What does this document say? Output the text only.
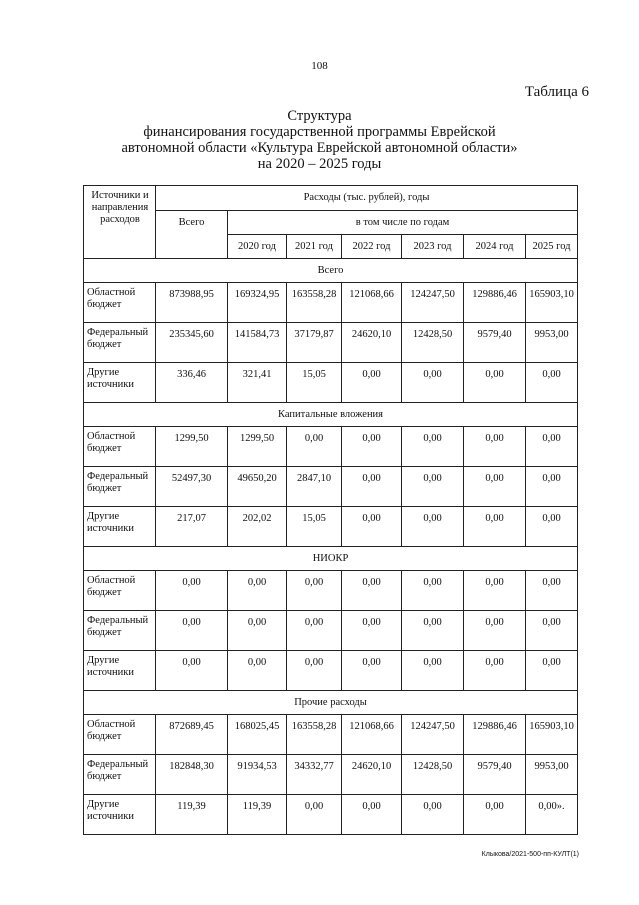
108
Таблица 6
Структура
финансирования государственной программы Еврейской
автономной области «Культура Еврейской автономной области»
на 2020 – 2025 годы
Источники и направления расходов	Расходы (тыс. рублей), годы						
	Всего	в том числе по годам					
		2020 год	2021 год	2022 год	2023 год	2024 год	2025 год
Всего							
Областной бюджет	873988,95	169324,95	163558,28	121068,66	124247,50	129886,46	165903,10
Федеральный бюджет	235345,60	141584,73	37179,87	24620,10	12428,50	9579,40	9953,00
Другие источники	336,46	321,41	15,05	0,00	0,00	0,00	0,00
Капитальные вложения							
Областной бюджет	1299,50	1299,50	0,00	0,00	0,00	0,00	0,00
Федеральный бюджет	52497,30	49650,20	2847,10	0,00	0,00	0,00	0,00
Другие источники	217,07	202,02	15,05	0,00	0,00	0,00	0,00
НИОКР							
Областной бюджет	0,00	0,00	0,00	0,00	0,00	0,00	0,00
Федеральный бюджет	0,00	0,00	0,00	0,00	0,00	0,00	0,00
Другие источники	0,00	0,00	0,00	0,00	0,00	0,00	0,00
Прочие расходы							
Областной бюджет	872689,45	168025,45	163558,28	121068,66	124247,50	129886,46	165903,10
Федеральный бюджет	182848,30	91934,53	34332,77	24620,10	12428,50	9579,40	9953,00
Другие источники	119,39	119,39	0,00	0,00	0,00	0,00	0,00».
Клыкова/2021-500-пп-КУЛТ(1)
